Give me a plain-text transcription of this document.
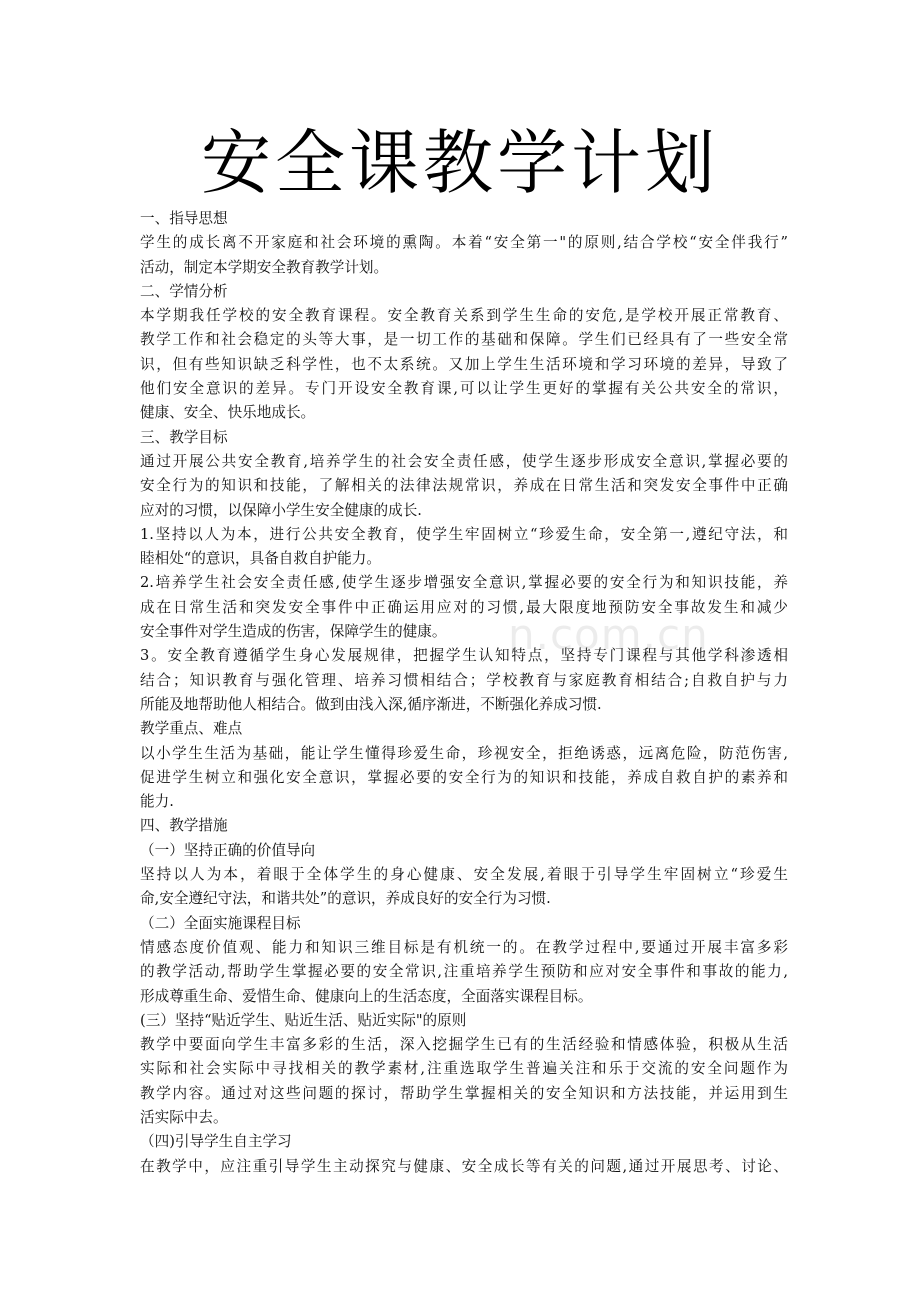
安全课教学计划
n.com.cn

一、指导思想

学生的成长离不开家庭和社会环境的熏陶。本着“安全第一"的原则,结合学校“安全伴我行”

活动，制定本学期安全教育教学计划。

二、学情分析

本学期我任学校的安全教育课程。安全教育关系到学生生命的安危,是学校开展正常教育、

教学工作和社会稳定的头等大事，是一切工作的基础和保障。学生们已经具有了一些安全常

识，但有些知识缺乏科学性，也不太系统。又加上学生生活环境和学习环境的差异，导致了

他们安全意识的差异。专门开设安全教育课,可以让学生更好的掌握有关公共安全的常识，

健康、安全、快乐地成长。

三、教学目标

通过开展公共安全教育,培养学生的社会安全责任感，使学生逐步形成安全意识,掌握必要的

安全行为的知识和技能，了解相关的法律法规常识，养成在日常生活和突发安全事件中正确

应对的习惯，以保障小学生安全健康的成长.

1.坚持以人为本，进行公共安全教育，使学生牢固树立“珍爱生命，安全第一,遵纪守法，和

睦相处“的意识，具备自救自护能力。

2.培养学生社会安全责任感,使学生逐步增强安全意识,掌握必要的安全行为和知识技能，养

成在日常生活和突发安全事件中正确运用应对的习惯,最大限度地预防安全事故发生和减少

安全事件对学生造成的伤害，保障学生的健康。

3。安全教育遵循学生身心发展规律，把握学生认知特点，坚持专门课程与其他学科渗透相

结合；知识教育与强化管理、培养习惯相结合；学校教育与家庭教育相结合;自救自护与力

所能及地帮助他人相结合。做到由浅入深,循序渐进，不断强化养成习惯.

教学重点、难点

以小学生生活为基础，能让学生懂得珍爱生命，珍视安全，拒绝诱惑，远离危险，防范伤害,

促进学生树立和强化安全意识，掌握必要的安全行为的知识和技能，养成自救自护的素养和

能力.

四、教学措施

（一）坚持正确的价值导向

坚持以人为本，着眼于全体学生的身心健康、安全发展,着眼于引导学生牢固树立“珍爱生

命,安全遵纪守法，和谐共处”的意识，养成良好的安全行为习惯.

（二）全面实施课程目标

情感态度价值观、能力和知识三维目标是有机统一的。在教学过程中,要通过开展丰富多彩

的教学活动,帮助学生掌握必要的安全常识,注重培养学生预防和应对安全事件和事故的能力,

形成尊重生命、爱惜生命、健康向上的生活态度，全面落实课程目标。

(三）坚持“贴近学生、贴近生活、贴近实际"的原则

教学中要面向学生丰富多彩的生活，深入挖掘学生已有的生活经验和情感体验，积极从生活

实际和社会实际中寻找相关的教学素材,注重选取学生普遍关注和乐于交流的安全问题作为

教学内容。通过对这些问题的探讨，帮助学生掌握相关的安全知识和方法技能，并运用到生

活实际中去。

（四)引导学生自主学习

在教学中，应注重引导学生主动探究与健康、安全成长等有关的问题,通过开展思考、讨论、
